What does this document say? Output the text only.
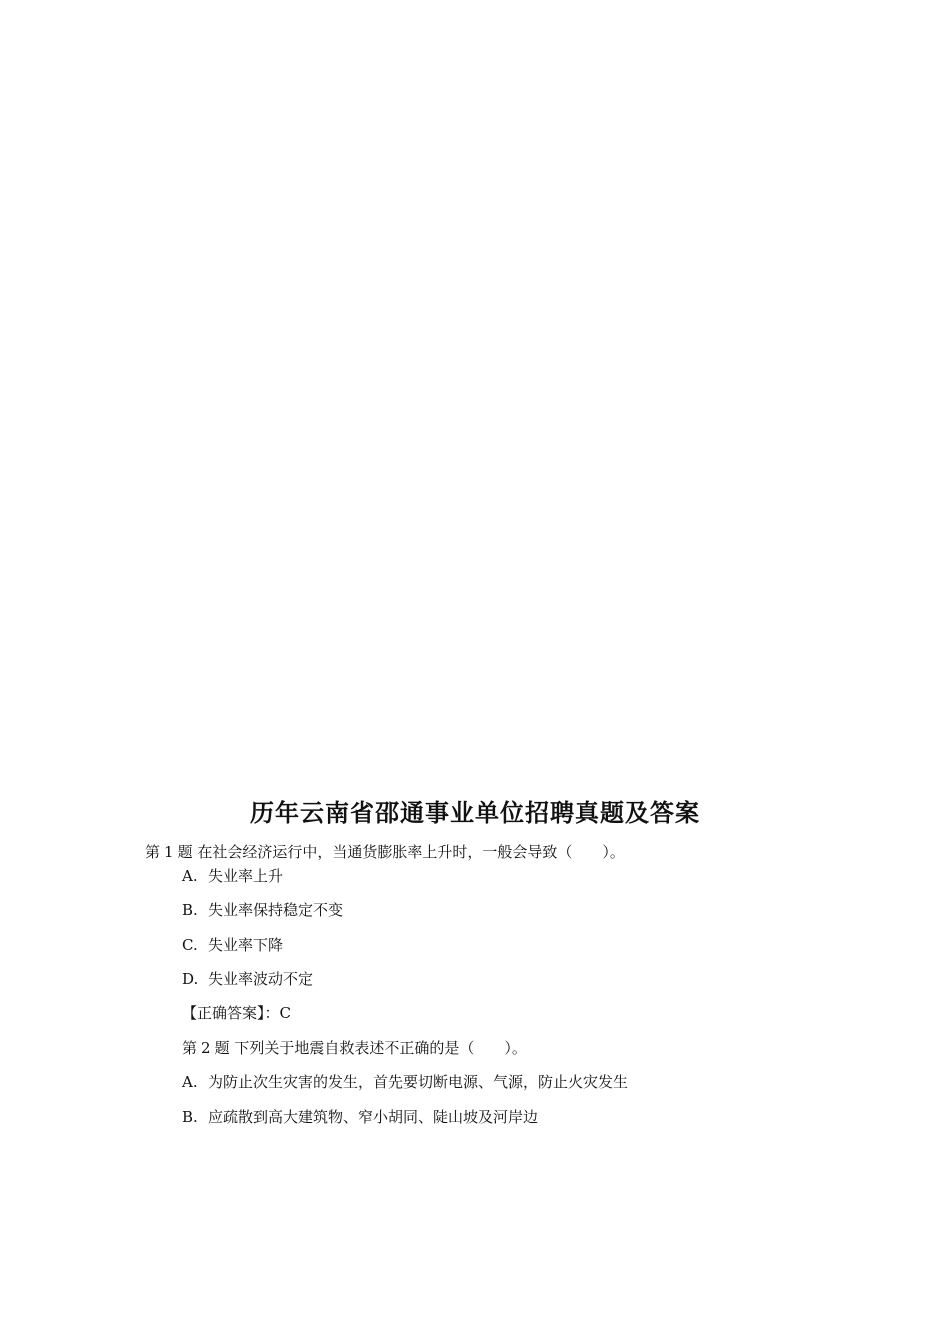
历年云南省邵通事业单位招聘真题及答案
第 1 题 在社会经济运行中，当通货膨胀率上升时，一般会导致（　　）。
A. 失业率上升
B. 失业率保持稳定不变
C. 失业率下降
D. 失业率波动不定
【正确答案】：C
第 2 题 下列关于地震自救表述不正确的是（　　）。
A. 为防止次生灾害的发生，首先要切断电源、气源，防止火灾发生
B. 应疏散到高大建筑物、窄小胡同、陡山坡及河岸边
